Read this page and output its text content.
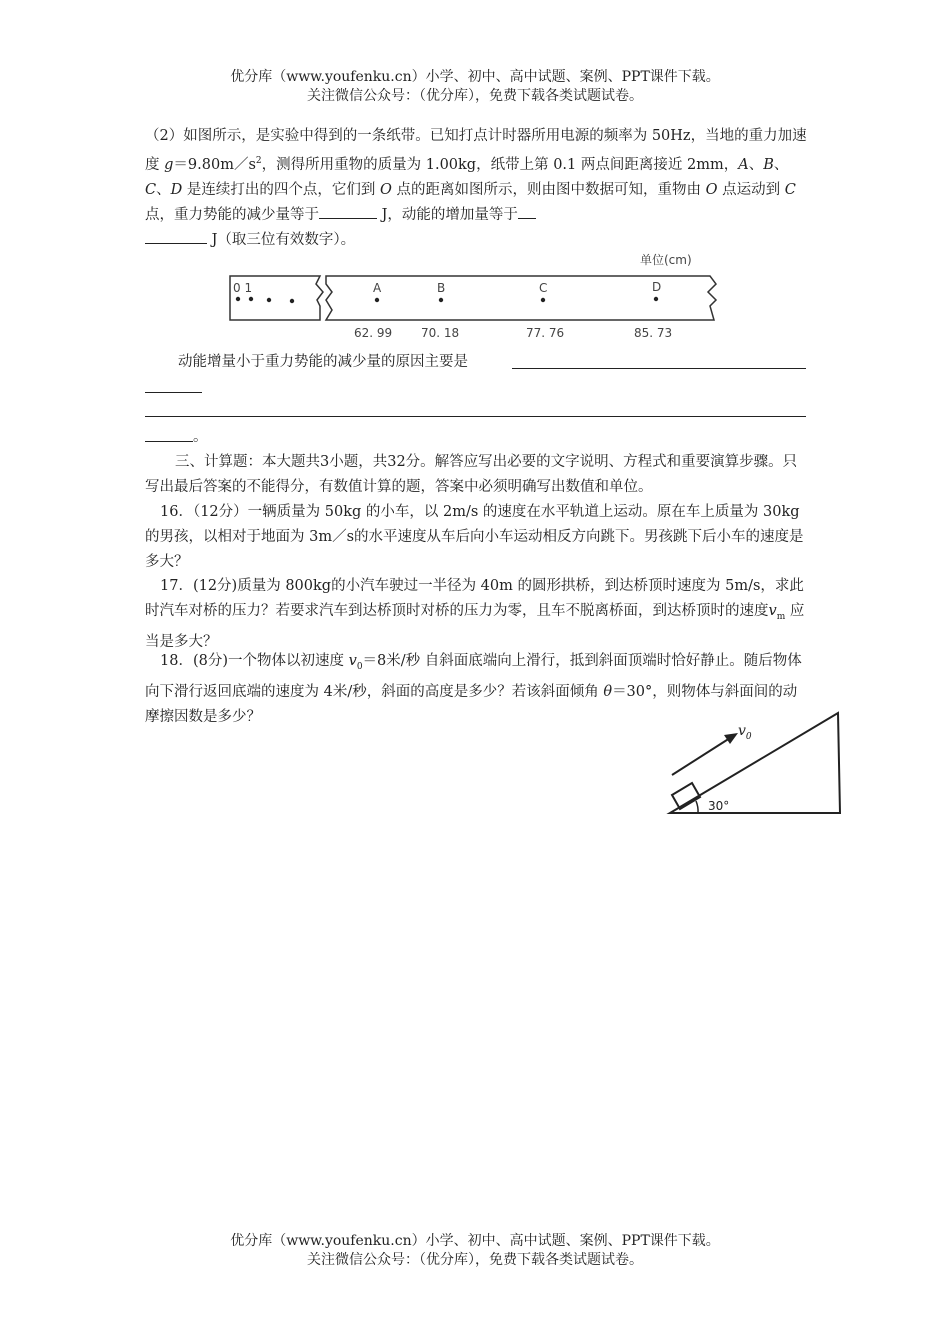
优分库（www.youfenku.cn）小学、初中、高中试题、案例、PPT课件下载。
关注微信公众号：（优分库），免费下载各类试题试卷。

（2）如图所示，是实验中得到的一条纸带。已知打点计时器所用电源的频率为 50Hz，当地的重力加速度 $g=9.80m/s^2$，测得所用重物的质量为 1.00kg，纸带上第 0.1 两点间距离接近 2mm，A、B、C、D 是连续打出的四个点，它们到 O 点的距离如图所示，则由图中数据可知，重物由 O 点运动到 C 点，重力势能的减少量等于	J，动能的增加量等于
J（取三位有效数字）。

单位(cm)
0 1	A	B	C	D
62. 99 70. 18	77. 76	85. 73
动能增量小于重力势能的减少量的原因主要是
。

三、计算题：本大题共3小题，共32分。解答应写出必要的文字说明、方程式和重要演算步骤。只写出最后答案的不能得分，有数值计算的题，答案中必须明确写出数值和单位。

16．（12分）一辆质量为 50kg 的小车，以 2m/s 的速度在水平轨道上运动。原在车上质量为 30kg的男孩，以相对于地面为 3m／s的水平速度从车后向小车运动相反方向跳下。男孩跳下后小车的速度是多大？

17．(12分)质量为 800kg的小汽车驶过一半径为 40m 的圆形拱桥，到达桥顶时速度为 5m/s，求此时汽车对桥的压力？若要求汽车到达桥顶时对桥的压力为零，且车不脱离桥面，到达桥顶时的速度$v_m$ 应当是多大？

18．(8分)一个物体以初速度 $v_0=8$米/秒 自斜面底端向上滑行，抵到斜面顶端时恰好静止。随后物体向下滑行返回底端的速度为 4米/秒，斜面的高度是多少？若该斜面倾角 θ＝30°，则物体与斜面间的动摩擦因数是多少？

$v_0$
30°
优分库（www.youfenku.cn）小学、初中、高中试题、案例、PPT课件下载。
关注微信公众号：（优分库），免费下载各类试题试卷。
